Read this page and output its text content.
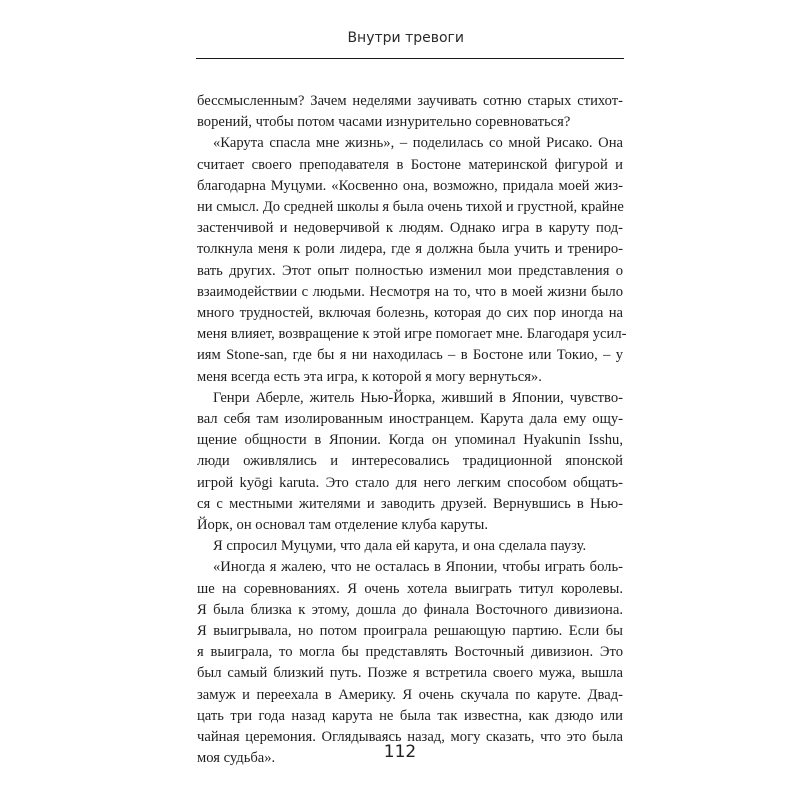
Внутри тревоги

бессмысленным? Зачем неделями заучивать сотню старых стихот-
ворений, чтобы потом часами изнурительно соревноваться?

«Карута спасла мне жизнь», – поделилась со мной Рисако. Она
считает своего преподавателя в Бостоне материнской фигурой и
благодарна Муцуми. «Косвенно она, возможно, придала моей жиз-
ни смысл. До средней школы я была очень тихой и грустной, крайне
застенчивой и недоверчивой к людям. Однако игра в каруту под-
толкнула меня к роли лидера, где я должна была учить и трениро-
вать других. Этот опыт полностью изменил мои представления о
взаимодействии с людьми. Несмотря на то, что в моей жизни было
много трудностей, включая болезнь, которая до сих пор иногда на
меня влияет, возвращение к этой игре помогает мне. Благодаря усил-
иям Stone-san, где бы я ни находилась – в Бостоне или Токио, – у
меня всегда есть эта игра, к которой я могу вернуться».

Генри Аберле, житель Нью-Йорка, живший в Японии, чувство-
вал себя там изолированным иностранцем. Карута дала ему ощу-
щение общности в Японии. Когда он упоминал Hyakunin Isshu,
люди оживлялись и интересовались традиционной японской
игрой kyōgi karuta. Это стало для него легким способом общать-
ся с местными жителями и заводить друзей. Вернувшись в Нью-
Йорк, он основал там отделение клуба каруты.

Я спросил Муцуми, что дала ей карута, и она сделала паузу.

«Иногда я жалею, что не осталась в Японии, чтобы играть боль-
ше на соревнованиях. Я очень хотела выиграть титул королевы.
Я была близка к этому, дошла до финала Восточного дивизиона.
Я выигрывала, но потом проиграла решающую партию. Если бы
я выиграла, то могла бы представлять Восточный дивизион. Это
был самый близкий путь. Позже я встретила своего мужа, вышла
замуж и переехала в Америку. Я очень скучала по каруте. Двад-
цать три года назад карута не была так известна, как дзюдо или
чайная церемония. Оглядываясь назад, могу сказать, что это была
моя судьба».	112
